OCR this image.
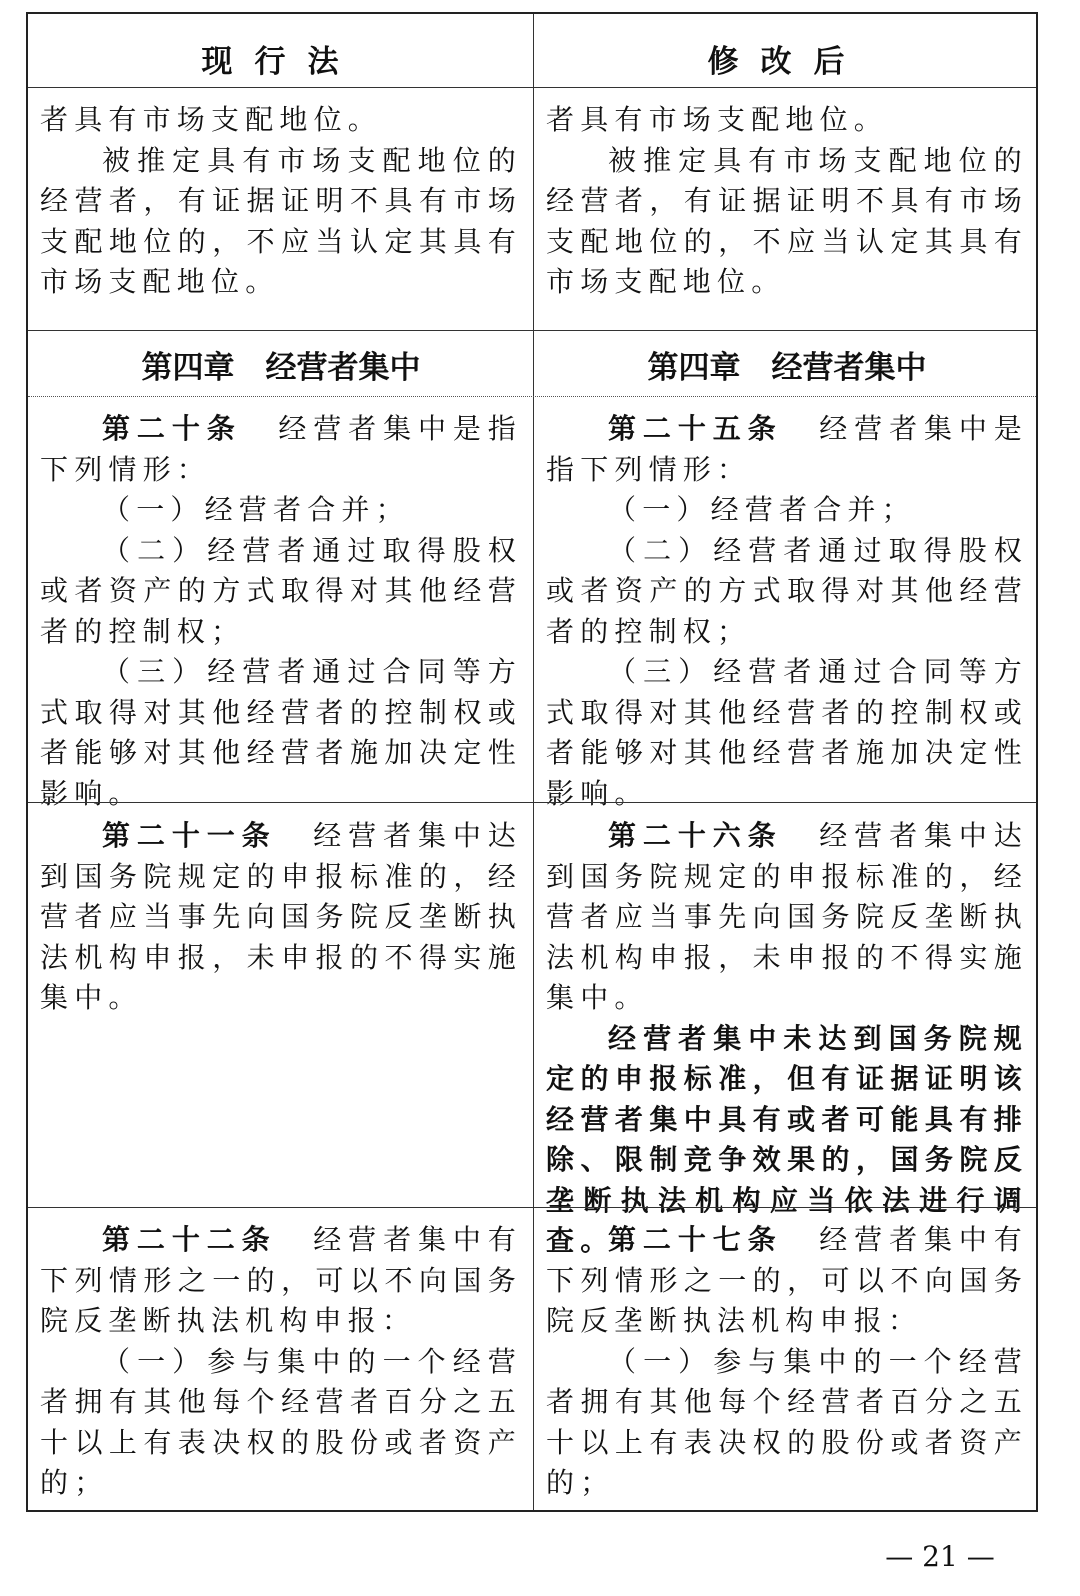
现行法	修改后

者具有市场支配地位。

被推定具有市场支配地位的经营者，有证据证明不具有市场支配地位的，不应当认定其具有市场支配地位。

者具有市场支配地位。

被推定具有市场支配地位的经营者，有证据证明不具有市场支配地位的，不应当认定其具有市场支配地位。

第四章　经营者集中	第四章　经营者集中

第二十条 经营者集中是指下列情形：

（一）经营者合并；

（二）经营者通过取得股权或者资产的方式取得对其他经营者的控制权；

（三）经营者通过合同等方式取得对其他经营者的控制权或者能够对其他经营者施加决定性影响。

第二十五条 经营者集中是指下列情形：

（一）经营者合并；

（二）经营者通过取得股权或者资产的方式取得对其他经营者的控制权；

（三）经营者通过合同等方式取得对其他经营者的控制权或者能够对其他经营者施加决定性影响。

第二十一条 经营者集中达到国务院规定的申报标准的，经营者应当事先向国务院反垄断执法机构申报，未申报的不得实施集中。

第二十六条 经营者集中达到国务院规定的申报标准的，经营者应当事先向国务院反垄断执法机构申报，未申报的不得实施集中。

经营者集中未达到国务院规定的申报标准，但有证据证明该经营者集中具有或者可能具有排除、限制竞争效果的，国务院反垄断执法机构应当依法进行调查。

第二十二条 经营者集中有下列情形之一的，可以不向国务院反垄断执法机构申报：

（一）参与集中的一个经营者拥有其他每个经营者百分之五十以上有表决权的股份或者资产的；

第二十七条 经营者集中有下列情形之一的，可以不向国务院反垄断执法机构申报：

（一）参与集中的一个经营者拥有其他每个经营者百分之五十以上有表决权的股份或者资产的；

— 21 —
